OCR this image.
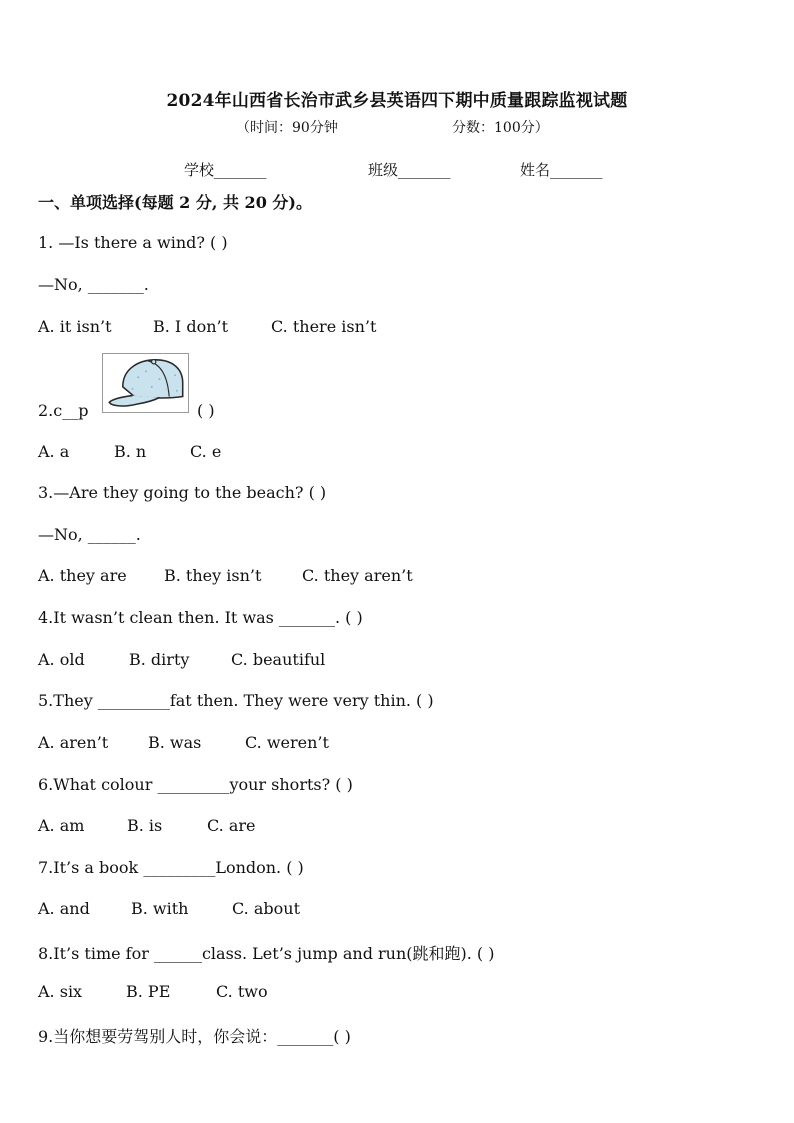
2024年山西省长治市武乡县英语四下期中质量跟踪监视试题
（时间：90分钟	分数：100分）
学校_______	班级_______	姓名_______
一、单项选择(每题 2 分, 共 20 分)。
1. —Is there a wind? ( )
—No, _______.
A. it isn’t	B. I don’t	C. there isn’t
2.c__p	( )
A. a	B. n	C. e
3.—Are they going to the beach? ( )
—No, ______.
A. they are B. they isn’t	C. they aren’t
4.It wasn’t clean then. It was _______. ( )
A. old	B. dirty	C. beautiful
5.They _________fat then. They were very thin. ( )
A. aren’t B. was	C. weren’t
6.What colour _________your shorts? ( )
A. am	B. is	C. are
7.It’s a book _________London. ( )
A. and	B. with	C. about
8.It’s time for ______class. Let’s jump and run(跳和跑). ( )
A. six	B. PE	C. two
9.当你想要劳驾别人时，你会说：_______( )
